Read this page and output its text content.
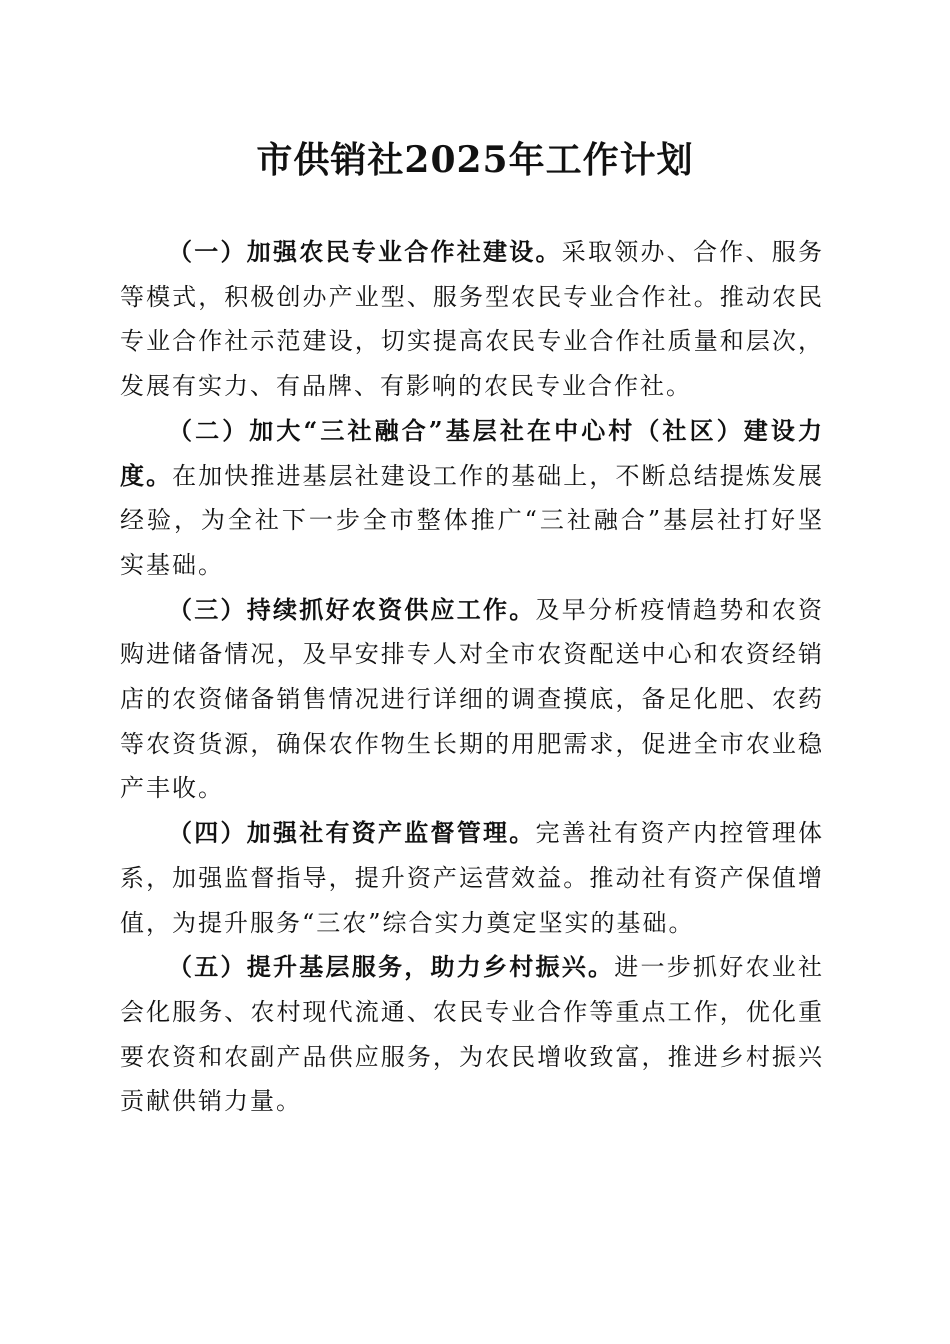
市供销社2025年工作计划

（一）加强农民专业合作社建设。采取领办、合作、服务等模式，积极创办产业型、服务型农民专业合作社。推动农民专业合作社示范建设，切实提高农民专业合作社质量和层次，发展有实力、有品牌、有影响的农民专业合作社。

（二）加大“三社融合”基层社在中心村（社区）建设力度。在加快推进基层社建设工作的基础上，不断总结提炼发展经验，为全社下一步全市整体推广“三社融合”基层社打好坚实基础。

（三）持续抓好农资供应工作。及早分析疫情趋势和农资购进储备情况，及早安排专人对全市农资配送中心和农资经销店的农资储备销售情况进行详细的调查摸底，备足化肥、农药等农资货源，确保农作物生长期的用肥需求，促进全市农业稳产丰收。

（四）加强社有资产监督管理。完善社有资产内控管理体系，加强监督指导，提升资产运营效益。推动社有资产保值增值，为提升服务“三农”综合实力奠定坚实的基础。

（五）提升基层服务，助力乡村振兴。进一步抓好农业社会化服务、农村现代流通、农民专业合作等重点工作，优化重要农资和农副产品供应服务，为农民增收致富，推进乡村振兴贡献供销力量。
